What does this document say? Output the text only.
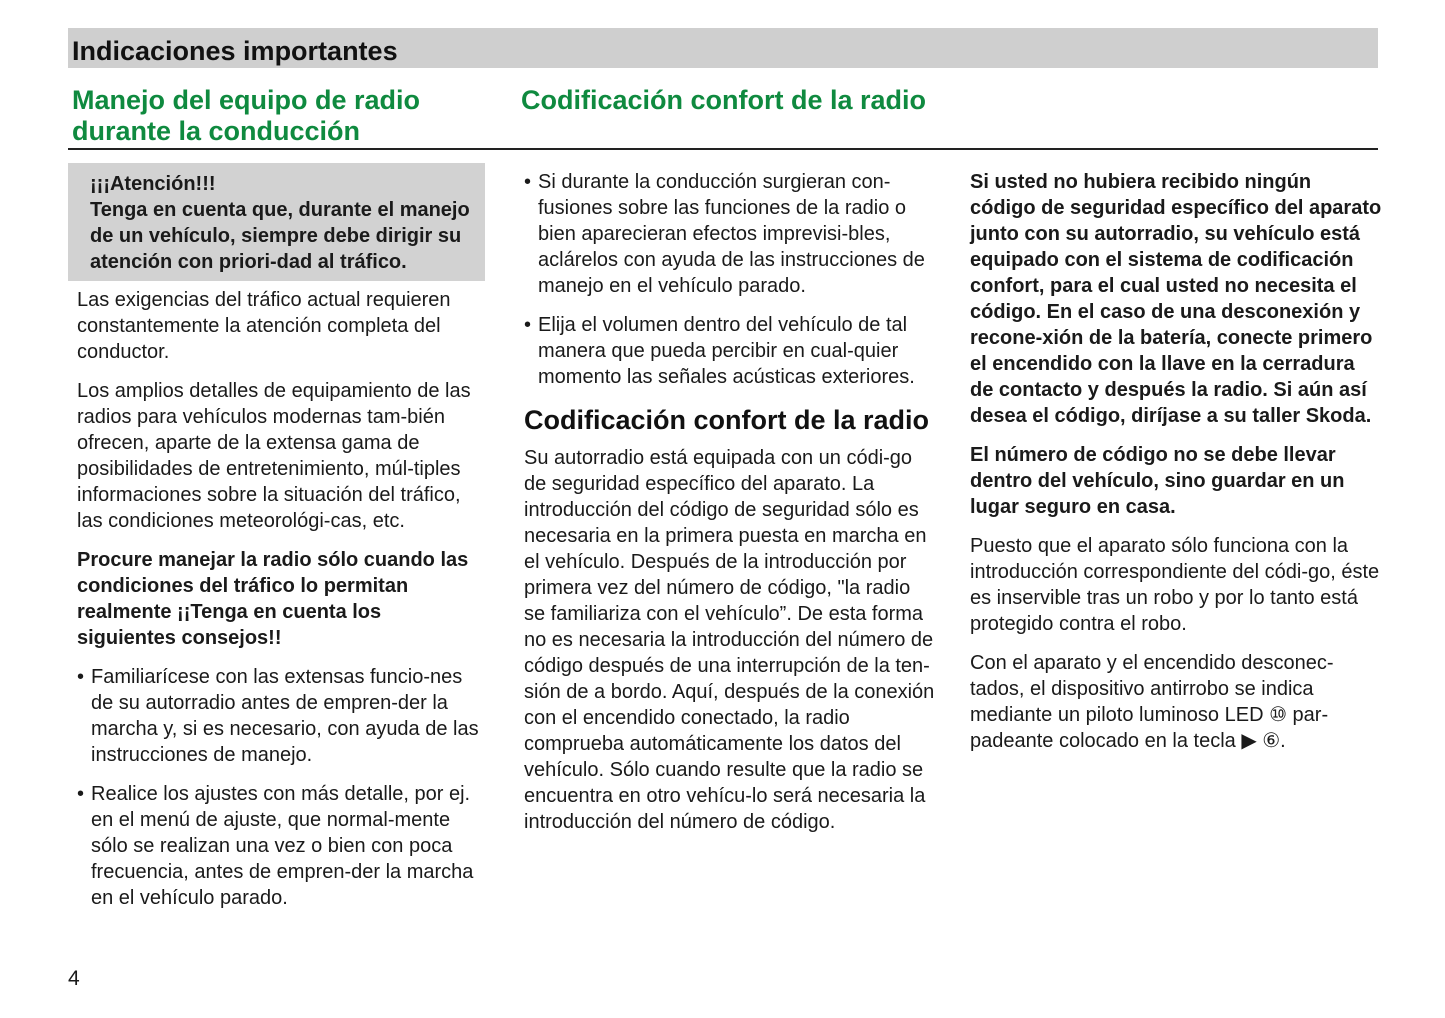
Indicaciones importantes
Manejo del equipo de radio
durante la conducción
Codificación confort de la radio
¡¡¡Atención!!!
Tenga en cuenta que, durante el manejo de un vehículo, siempre debe dirigir su atención con priori-dad al tráfico.

Las exigencias del tráfico actual requieren constantemente la atención completa del conductor.

Los amplios detalles de equipamiento de las radios para vehículos modernas tam-bién ofrecen, aparte de la extensa gama de posibilidades de entretenimiento, múl-tiples informaciones sobre la situación del tráfico, las condiciones meteorológi-cas, etc.

Procure manejar la radio sólo cuando las condiciones del tráfico lo permitan realmente ¡¡Tenga en cuenta los siguientes consejos!!

• Familiarícese con las extensas funcio-nes de su autorradio antes de empren-der la marcha y, si es necesario, con ayuda de las instrucciones de manejo.
• Realice los ajustes con más detalle, por ej. en el menú de ajuste, que normal-mente sólo se realizan una vez o bien con poca frecuencia, antes de empren-der la marcha en el vehículo parado.
• Si durante la conducción surgieran con-fusiones sobre las funciones de la radio o bien aparecieran efectos imprevisi-bles, aclárelos con ayuda de las instrucciones de manejo en el vehículo parado.
• Elija el volumen dentro del vehículo de tal manera que pueda percibir en cual-quier momento las señales acústicas exteriores.
Codificación confort de la radio

Su autorradio está equipada con un códi-go de seguridad específico del aparato. La introducción del código de seguridad sólo es necesaria en la primera puesta en marcha en el vehículo. Después de la introducción por primera vez del número de código, "la radio se familiariza con el vehículo”. De esta forma no es necesaria la introducción del número de código después de una interrupción de la ten-sión de a bordo. Aquí, después de la conexión con el encendido conectado, la radio comprueba automáticamente los datos del vehículo. Sólo cuando resulte que la radio se encuentra en otro vehícu-lo será necesaria la introducción del número de código.

Si usted no hubiera recibido ningún código de seguridad específico del aparato junto con su autorradio, su vehículo está equipado con el sistema de codificación confort, para el cual usted no necesita el código. En el caso de una desconexión y recone-xión de la batería, conecte primero el encendido con la llave en la cerradura de contacto y después la radio. Si aún así desea el código, diríjase a su taller Skoda.

El número de código no se debe llevar dentro del vehículo, sino guardar en un lugar seguro en casa.

Puesto que el aparato sólo funciona con la introducción correspondiente del códi-go, éste es inservible tras un robo y por lo tanto está protegido contra el robo.

Con el aparato y el encendido desconec-tados, el dispositivo antirrobo se indica mediante un piloto luminoso LED ⑩ par-padeante colocado en la tecla ▶ ⑥.

4
